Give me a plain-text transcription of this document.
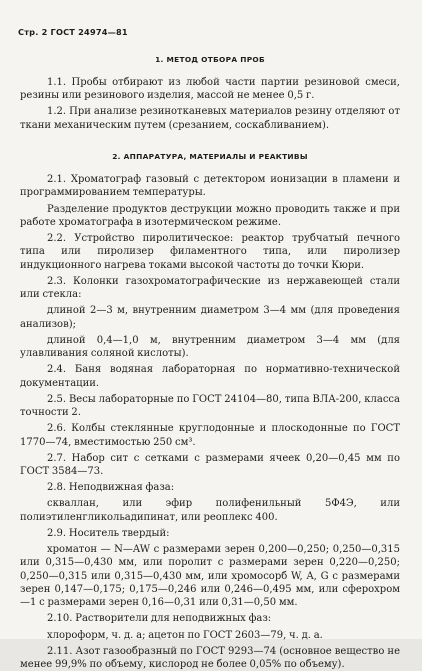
Стр. 2 ГОСТ 24974—81
1. МЕТОД ОТБОРА ПРОБ

1.1. Пробы отбирают из любой части партии резиновой смеси, резины или резинового изделия, массой не менее 0,5 г.

1.2. При анализе резинотканевых материалов резину отделяют от ткани механическим путем (срезанием, соскабливанием).

2. АППАРАТУРА, МАТЕРИАЛЫ И РЕАКТИВЫ

2.1. Хроматограф газовый с детектором ионизации в пламени и программированием температуры.

Разделение продуктов деструкции можно проводить также и при работе хроматографа в изотермическом режиме.

2.2. Устройство пиролитическое: реактор трубчатый печного типа или пиролизер филаментного типа, или пиролизер индукционного нагрева токами высокой частоты до точки Кюри.

2.3. Колонки газохроматографические из нержавеющей стали или стекла:

длиной 2—3 м, внутренним диаметром 3—4 мм (для проведения анализов);

длиной 0,4—1,0 м, внутренним диаметром 3—4 мм (для улавливания соляной кислоты).

2.4. Баня водяная лабораторная по нормативно-технической документации.

2.5. Весы лабораторные по ГОСТ 24104—80, типа ВЛА-200, класса точности 2.

2.6. Колбы стеклянные круглодонные и плоскодонные по ГОСТ 1770—74, вместимостью 250 см³.

2.7. Набор сит с сетками с размерами ячеек 0,20—0,45 мм по ГОСТ 3584—73.

2.8. Неподвижная фаза:

скваллан, или эфир полифенильный 5Ф4Э, или полиэтиленгликольадипинат, или реоплекс 400.

2.9. Носитель твердый:

хроматон — N—AW с размерами зерен 0,200—0,250; 0,250—0,315 или 0,315—0,430 мм, или поролит с размерами зерен 0,220—0,250; 0,250—0,315 или 0,315—0,430 мм, или хромосорб W, A, G с размерами зерен 0,147—0,175; 0,175—0,246 или 0,246—0,495 мм, или сферохром—1 с размерами зерен 0,16—0,31 или 0,31—0,50 мм.

2.10. Растворители для неподвижных фаз:

хлороформ, ч. д. а; ацетон по ГОСТ 2603—79, ч. д. а.

2.11. Азот газообразный по ГОСТ 9293—74 (основное вещество не менее 99,9% по объему, кислород не более 0,05% по объему).
